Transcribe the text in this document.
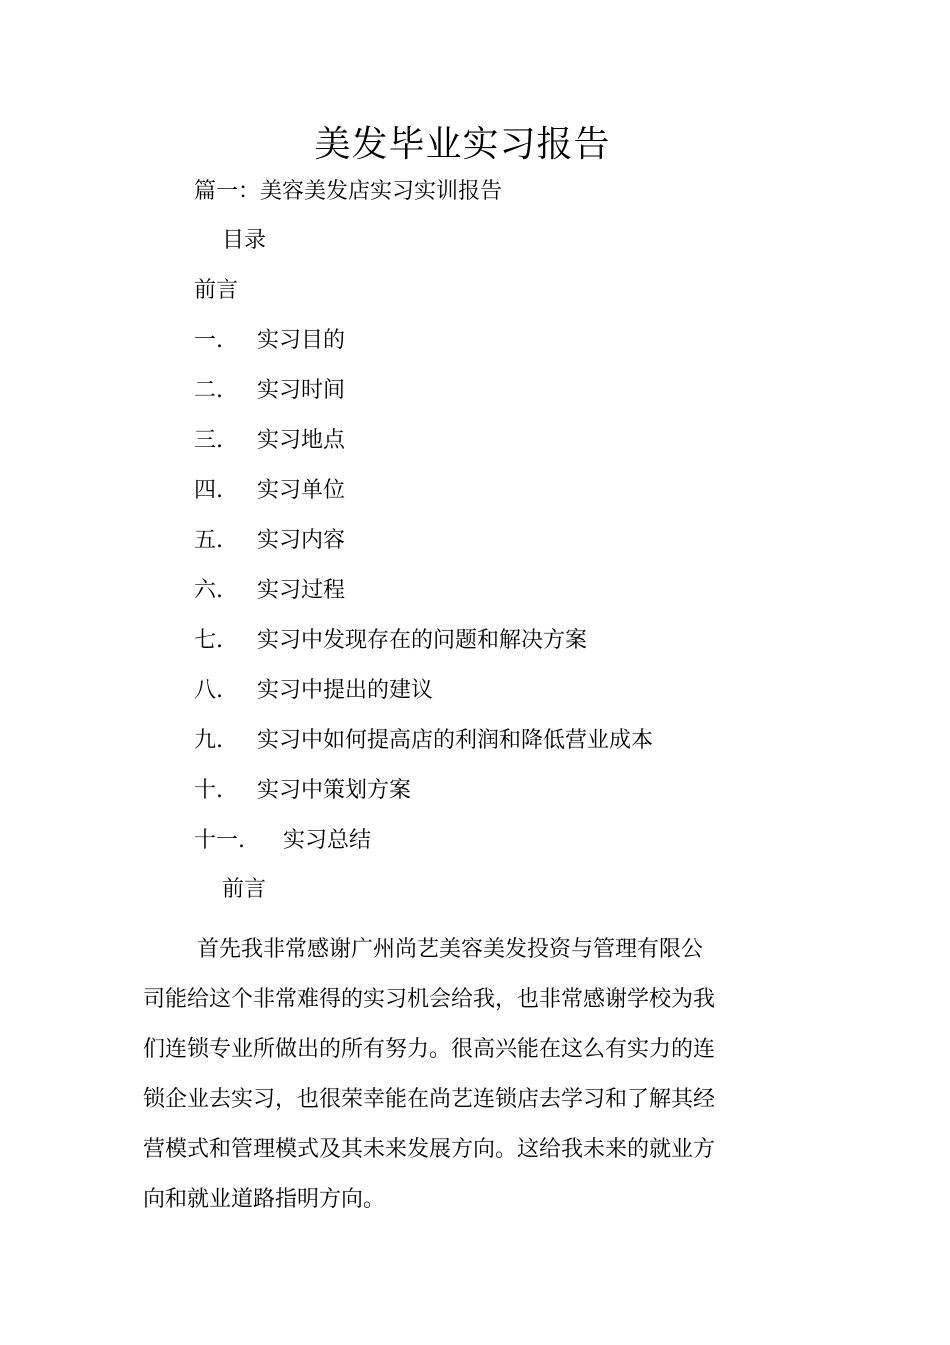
美发毕业实习报告

篇一：美容美发店实习实训报告

目录

前言

一. 实习目的
二. 实习时间
三. 实习地点
四. 实习单位
五. 实习内容
六. 实习过程
七. 实习中发现存在的问题和解决方案
八. 实习中提出的建议
九. 实习中如何提高店的利润和降低营业成本
十. 实习中策划方案
十一. 实习总结

前言

首先我非常感谢广州尚艺美容美发投资与管理有限公
司能给这个非常难得的实习机会给我，也非常感谢学校为我
们连锁专业所做出的所有努力。很高兴能在这么有实力的连
锁企业去实习，也很荣幸能在尚艺连锁店去学习和了解其经
营模式和管理模式及其未来发展方向。这给我未来的就业方
向和就业道路指明方向。
